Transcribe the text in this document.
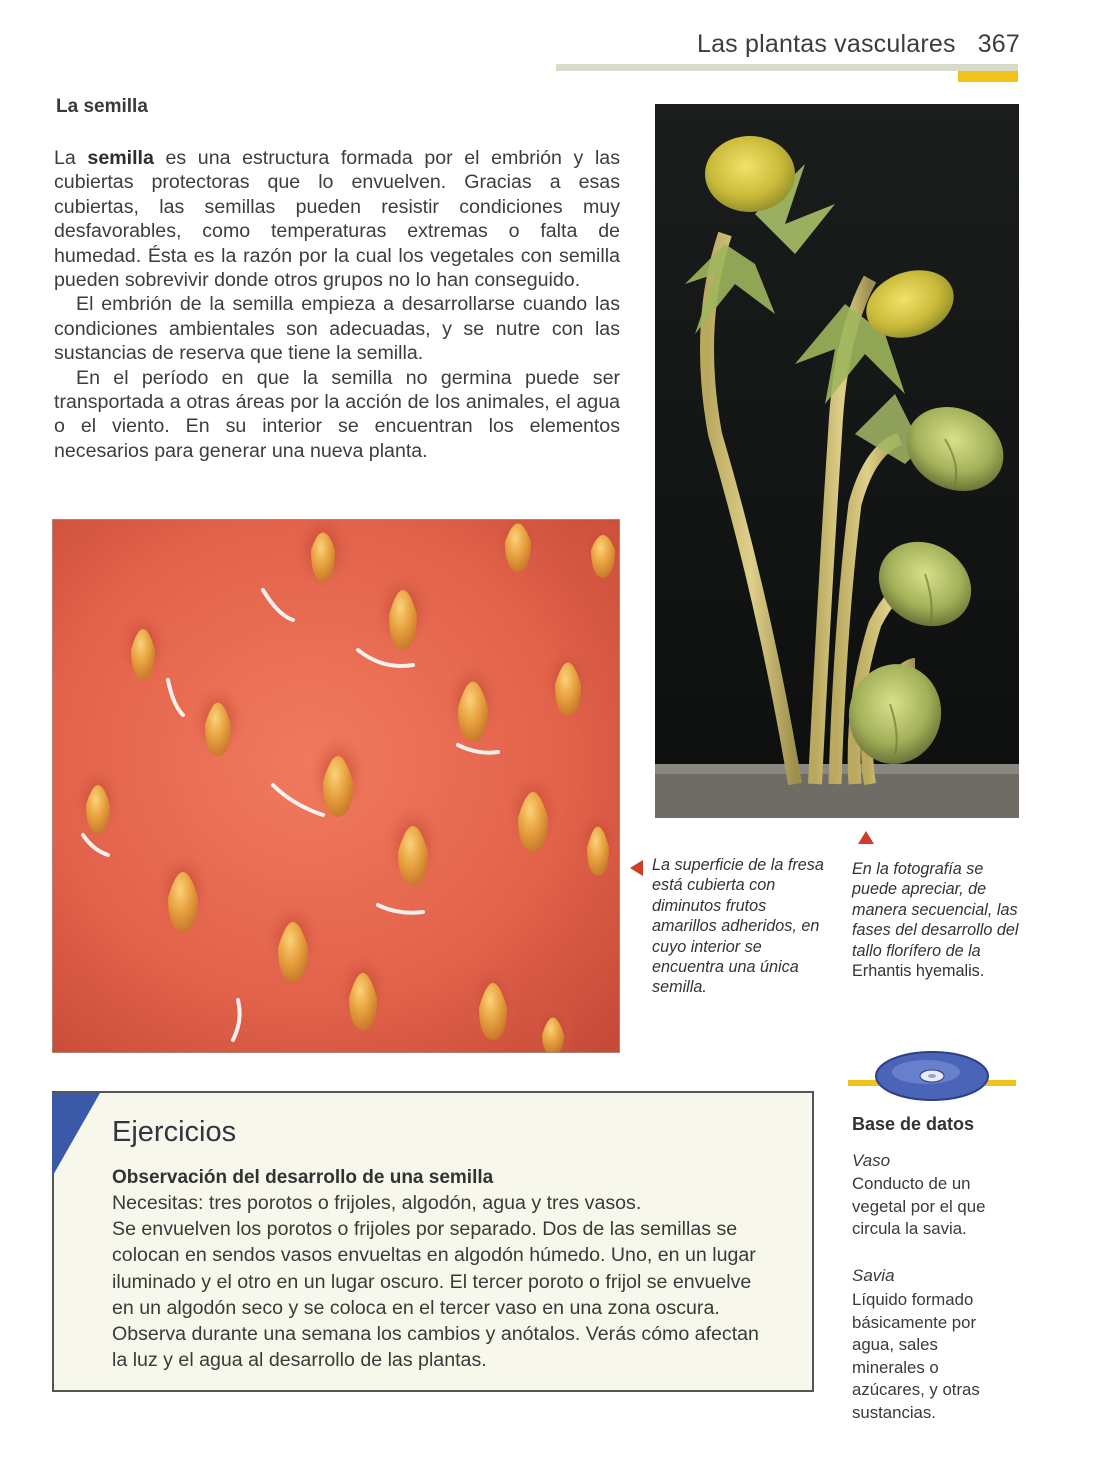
Las plantas vasculares 367
La semilla

La semilla es una estructura formada por el embrión y las cubiertas protectoras que lo envuelven. Gracias a esas cubiertas, las semillas pueden resistir condiciones muy desfavorables, como temperaturas extremas o falta de humedad. Ésta es la razón por la cual los vegetales con semilla pueden sobrevivir donde otros grupos no lo han conseguido.

El embrión de la semilla empieza a desarrollarse cuando las condiciones ambientales son adecuadas, y se nutre con las sustancias de reserva que tiene la semilla.

En el período en que la semilla no germina puede ser transportada a otras áreas por la acción de los animales, el agua o el viento. En su interior se encuentran los elementos necesarios para generar una nueva planta.

La superficie de la fresa está cubierta con diminutos frutos amarillos adheridos, en cuyo interior se encuentra una única semilla.
En la fotografía se puede apreciar, de manera secuencial, las fases del desarrollo del tallo florífero de la Erhantis hyemalis.
Ejercicios
Observación del desarrollo de una semilla

Necesitas: tres porotos o frijoles, algodón, agua y tres vasos.

Se envuelven los porotos o frijoles por separado. Dos de las semillas se colocan en sendos vasos envueltas en algodón húmedo. Uno, en un lugar iluminado y el otro en un lugar oscuro. El tercer poroto o frijol se envuelve en un algodón seco y se coloca en el tercer vaso en una zona oscura. Observa durante una semana los cambios y anótalos. Verás cómo afectan la luz y el agua al desarrollo de las plantas.

Base de datos
Vaso
Conducto de un vegetal por el que circula la savia.
Savia
Líquido formado básicamente por agua, sales minerales o azúcares, y otras sustancias.
